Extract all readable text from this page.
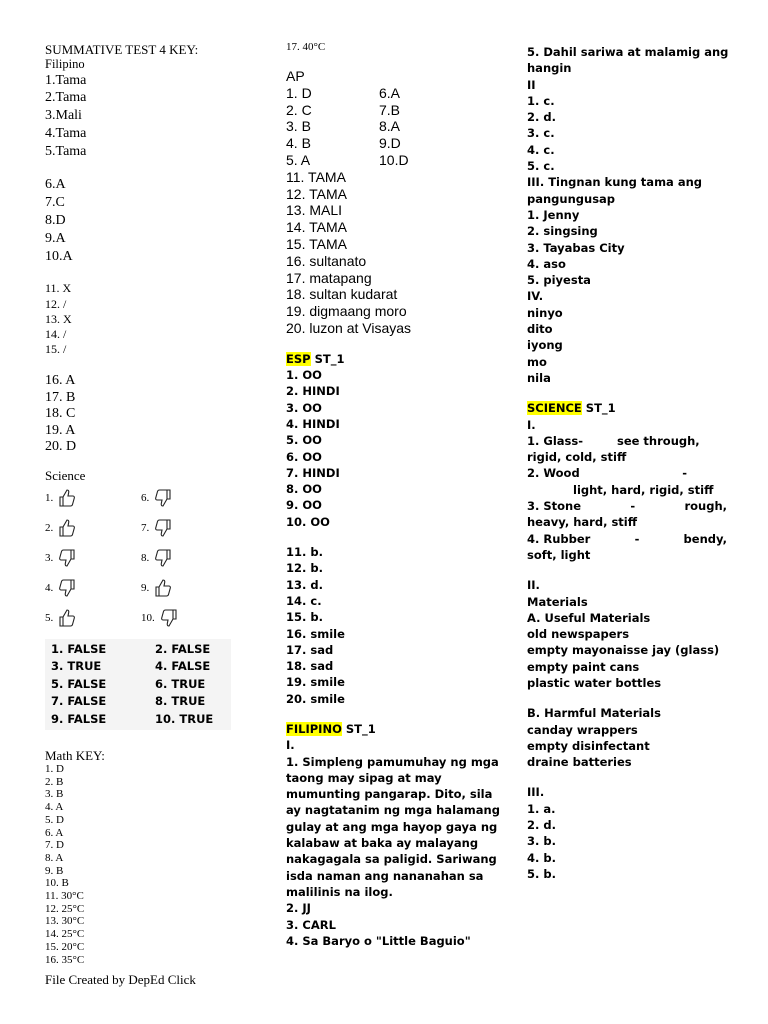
SUMMATIVE TEST 4 KEY:
Filipino
1.Tama
2.Tama
3.Mali
4.Tama
5.Tama
6.A
7.C
8.D
9.A
10.A
11. X
12. /
13. X
14. /
15. /
16. A
17. B
18. C
19. A
20. D
Science
1.	6.
2.	7.
3.	8.
4.	9.
5.	10.
1. FALSE	2. FALSE
3. TRUE	4. FALSE
5. FALSE	6. TRUE
7. FALSE	8. TRUE
9. FALSE	10. TRUE
Math KEY:
1. D
2. B
3. B
4. A
5. D
6. A
7. D
8. A
9. B
10. B
11. 30°C
12. 25°C
13. 30°C
14. 25°C
15. 20°C
16. 35°C
File Created by DepEd Click
17. 40°C
AP
1. D	6.A
2. C	7.B
3. B	8.A
4. B	9.D
5. A	10.D
11. TAMA
12. TAMA
13. MALI
14. TAMA
15. TAMA
16. sultanato
17. matapang
18. sultan kudarat
19. digmaang moro
20. luzon at Visayas
ESP ST_1
1. OO
2. HINDI
3. OO
4. HINDI
5. OO
6. OO
7. HINDI
8. OO
9. OO
10. OO
11. b.
12. b.
13. d.
14. c.
15. b.
16. smile
17. sad
18. sad
19. smile
20. smile
FILIPINO ST_1
I.
1. Simpleng pamumuhay ng mga
taong may sipag at may
mumunting pangarap. Dito, sila
ay nagtatanim ng mga halamang
gulay at ang mga hayop gaya ng
kalabaw at baka ay malayang
nakagagala sa paligid. Sariwang
isda naman ang nananahan sa
malilinis na ilog.
2. JJ
3. CARL
4. Sa Baryo o "Little Baguio"
5. Dahil sariwa at malamig ang
hangin
II
1. c.
2. d.
3. c.
4. c.
5. c.
III. Tingnan kung tama ang
pangungusap
1. Jenny
2. singsing
3. Tayabas City
4. aso
5. piyesta
IV.
ninyo
dito
iyong
mo
nila
SCIENCE ST_1
I.
1. Glass-	see through,
rigid, cold, stiff
2. Wood	-
light, hard, rigid, stiff
3. Stone	-	rough,
heavy, hard, stiff
4. Rubber	-	bendy,
soft, light
II.
Materials
A. Useful Materials
old newspapers
empty mayonaisse jay (glass)
empty paint cans
plastic water bottles
B. Harmful Materials
canday wrappers
empty disinfectant
draine batteries
III.
1. a.
2. d.
3. b.
4. b.
5. b.
